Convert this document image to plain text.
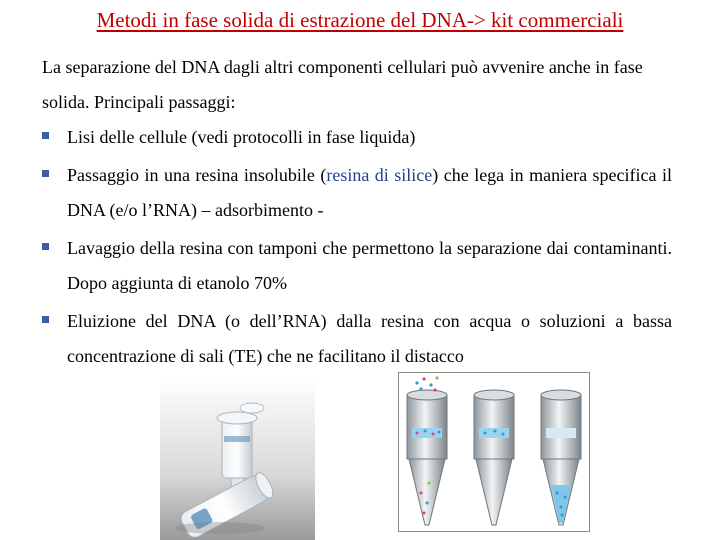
Metodi in fase solida di estrazione del DNA-> kit commerciali

La separazione del DNA dagli altri componenti cellulari può avvenire anche in fase solida. Principali passaggi:

Lisi delle cellule (vedi protocolli in fase liquida)
Passaggio in una resina insolubile (resina di silice) che lega in maniera specifica il DNA (e/o l’RNA) – adsorbimento -
Lavaggio della resina con tamponi che permettono la separazione dai contaminanti. Dopo aggiunta di etanolo 70%
Eluizione del DNA (o dell’RNA) dalla resina con acqua o soluzioni a bassa concentrazione di sali (TE) che ne facilitano il distacco
